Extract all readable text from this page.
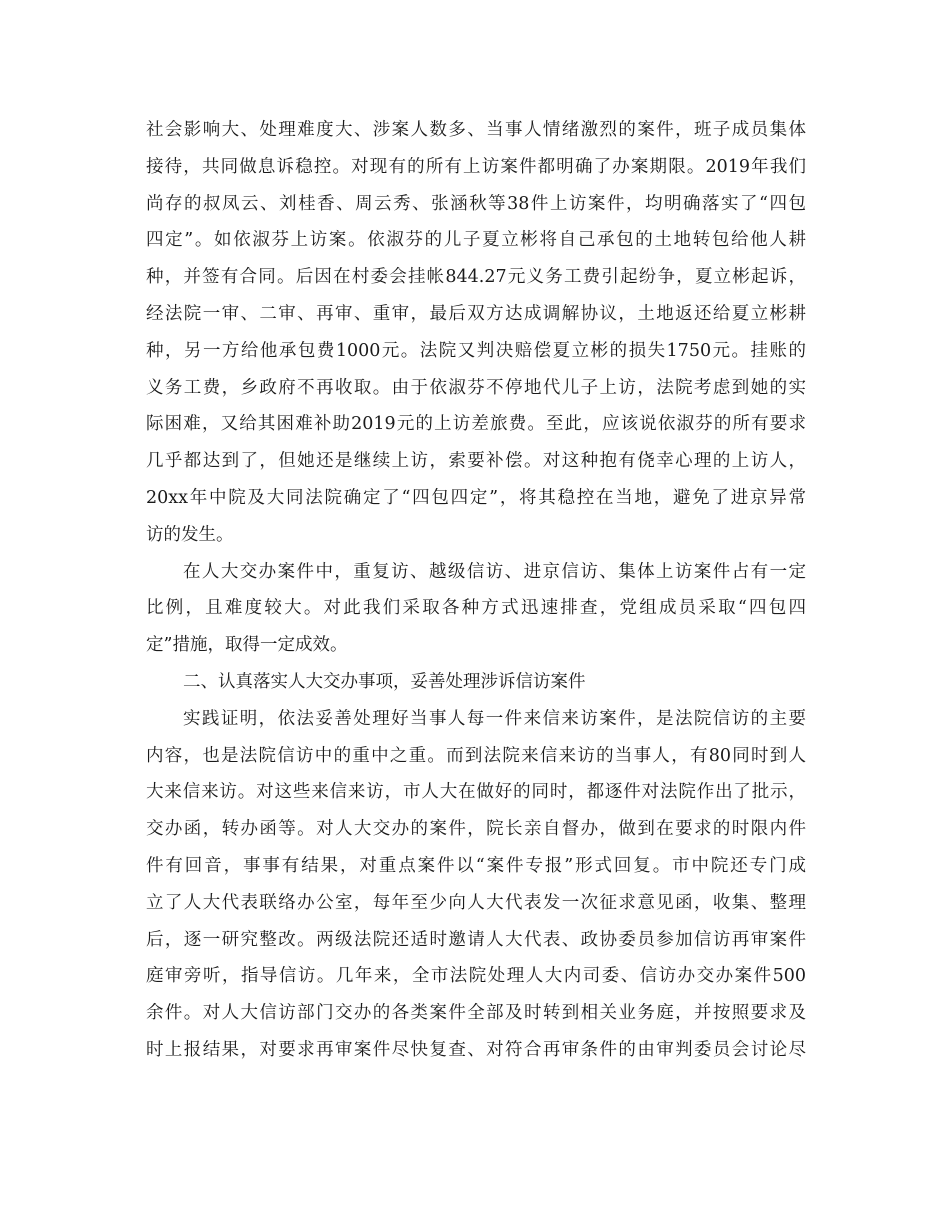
社会影响大、处理难度大、涉案人数多、当事人情绪激烈的案件，班子成员集体
接待，共同做息诉稳控。对现有的所有上访案件都明确了办案期限。2019年我们
尚存的叔凤云、刘桂香、周云秀、张涵秋等38件上访案件，均明确落实了“四包
四定”。如依淑芬上访案。依淑芬的儿子夏立彬将自己承包的土地转包给他人耕
种，并签有合同。后因在村委会挂帐844.27元义务工费引起纷争，夏立彬起诉，
经法院一审、二审、再审、重审，最后双方达成调解协议，土地返还给夏立彬耕
种，另一方给他承包费1000元。法院又判决赔偿夏立彬的损失1750元。挂账的
义务工费，乡政府不再收取。由于依淑芬不停地代儿子上访，法院考虑到她的实
际困难，又给其困难补助2019元的上访差旅费。至此，应该说依淑芬的所有要求
几乎都达到了，但她还是继续上访，索要补偿。对这种抱有侥幸心理的上访人，
20xx年中院及大同法院确定了“四包四定”，将其稳控在当地，避免了进京异常
访的发生。
在人大交办案件中，重复访、越级信访、进京信访、集体上访案件占有一定
比例，且难度较大。对此我们采取各种方式迅速排查，党组成员采取“四包四
定”措施，取得一定成效。
二、认真落实人大交办事项，妥善处理涉诉信访案件
实践证明，依法妥善处理好当事人每一件来信来访案件，是法院信访的主要
内容，也是法院信访中的重中之重。而到法院来信来访的当事人，有80同时到人
大来信来访。对这些来信来访，市人大在做好的同时，都逐件对法院作出了批示，
交办函，转办函等。对人大交办的案件，院长亲自督办，做到在要求的时限内件
件有回音，事事有结果，对重点案件以“案件专报”形式回复。市中院还专门成
立了人大代表联络办公室，每年至少向人大代表发一次征求意见函，收集、整理
后，逐一研究整改。两级法院还适时邀请人大代表、政协委员参加信访再审案件
庭审旁听，指导信访。几年来，全市法院处理人大内司委、信访办交办案件500
余件。对人大信访部门交办的各类案件全部及时转到相关业务庭，并按照要求及
时上报结果，对要求再审案件尽快复查、对符合再审条件的由审判委员会讨论尽
